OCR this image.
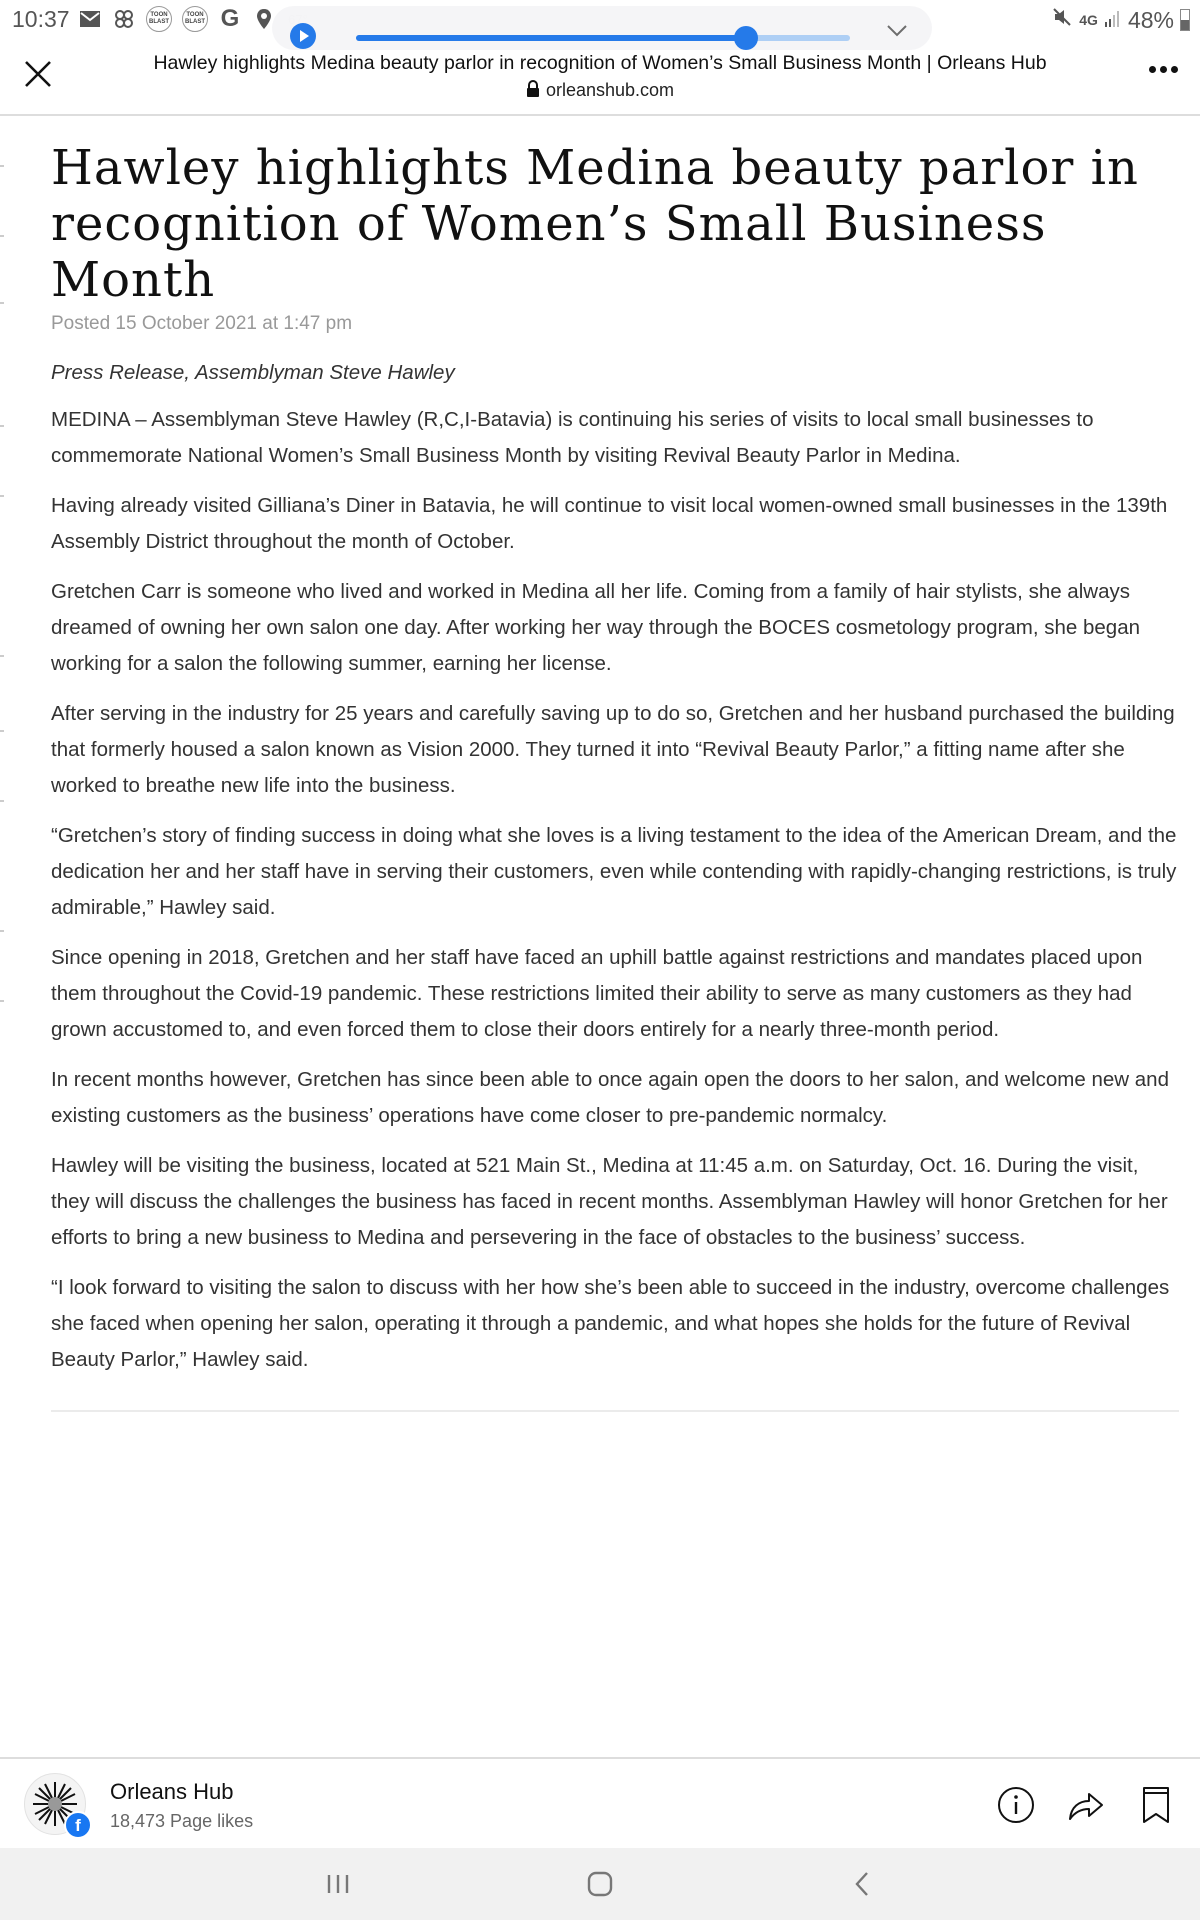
10:37	TOON BLAST
TOON BLAST G	4G 48%
Hawley highlights Medina beauty parlor in recognition of Women’s Small Business Month | Orleans Hub
orleanshub.com
Hawley highlights Medina beauty parlor in recognition of Women’s Small Business Month
Posted 15 October 2021 at 1:47 pm
Press Release, Assemblyman Steve Hawley

MEDINA – Assemblyman Steve Hawley (R,C,I-Batavia) is continuing his series of visits to local small businesses to commemorate National Women’s Small Business Month by visiting Revival Beauty Parlor in Medina.

Having already visited Gilliana’s Diner in Batavia, he will continue to visit local women-owned small businesses in the 139th Assembly District throughout the month of October.

Gretchen Carr is someone who lived and worked in Medina all her life. Coming from a family of hair stylists, she always dreamed of owning her own salon one day. After working her way through the BOCES cosmetology program, she began working for a salon the following summer, earning her license.

After serving in the industry for 25 years and carefully saving up to do so, Gretchen and her husband purchased the building that formerly housed a salon known as Vision 2000. They turned it into “Revival Beauty Parlor,” a fitting name after she worked to breathe new life into the business.

“Gretchen’s story of finding success in doing what she loves is a living testament to the idea of the American Dream, and the dedication her and her staff have in serving their customers, even while contending with rapidly-changing restrictions, is truly admirable,” Hawley said.

Since opening in 2018, Gretchen and her staff have faced an uphill battle against restrictions and mandates placed upon them throughout the Covid-19 pandemic. These restrictions limited their ability to serve as many customers as they had grown accustomed to, and even forced them to close their doors entirely for a nearly three-month period.

In recent months however, Gretchen has since been able to once again open the doors to her salon, and welcome new and existing customers as the business’ operations have come closer to pre-pandemic normalcy.

Hawley will be visiting the business, located at 521 Main St., Medina at 11:45 a.m. on Saturday, Oct. 16. During the visit, they will discuss the challenges the business has faced in recent months. Assemblyman Hawley will honor Gretchen for her efforts to bring a new business to Medina and persevering in the face of obstacles to the business’ success.

“I look forward to visiting the salon to discuss with her how she’s been able to succeed in the industry, overcome challenges she faced when opening her salon, operating it through a pandemic, and what hopes she holds for the future of Revival Beauty Parlor,” Hawley said.

f
Orleans Hub
18,473 Page likes
